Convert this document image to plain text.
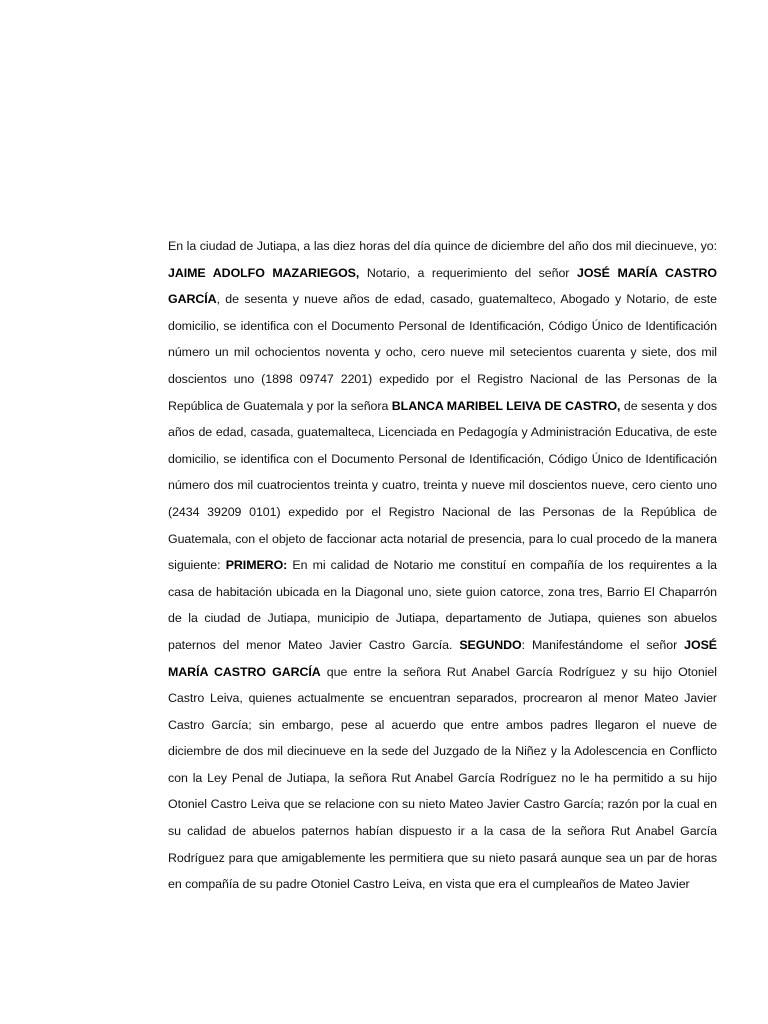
En la ciudad de Jutiapa, a las diez horas del día quince de diciembre del año dos mil diecinueve, yo: JAIME ADOLFO MAZARIEGOS, Notario, a requerimiento del señor JOSÉ MARÍA CASTRO GARCÍA, de sesenta y nueve años de edad, casado, guatemalteco, Abogado y Notario, de este domicilio, se identifica con el Documento Personal de Identificación, Código Único de Identificación número un mil ochocientos noventa y ocho, cero nueve mil setecientos cuarenta y siete, dos mil doscientos uno (1898 09747 2201) expedido por el Registro Nacional de las Personas de la República de Guatemala y por la señora BLANCA MARIBEL LEIVA DE CASTRO, de sesenta y dos años de edad, casada, guatemalteca, Licenciada en Pedagogía y Administración Educativa, de este domicilio, se identifica con el Documento Personal de Identificación, Código Único de Identificación número dos mil cuatrocientos treinta y cuatro, treinta y nueve mil doscientos nueve, cero ciento uno (2434 39209 0101) expedido por el Registro Nacional de las Personas de la República de Guatemala, con el objeto de faccionar acta notarial de presencia, para lo cual procedo de la manera siguiente: PRIMERO: En mi calidad de Notario me constituí en compañía de los requirentes a la casa de habitación ubicada en la Diagonal uno, siete guion catorce, zona tres, Barrio El Chaparrón de la ciudad de Jutiapa, municipio de Jutiapa, departamento de Jutiapa, quienes son abuelos paternos del menor Mateo Javier Castro García. SEGUNDO: Manifestándome el señor JOSÉ MARÍA CASTRO GARCÍA que entre la señora Rut Anabel García Rodríguez y su hijo Otoniel Castro Leiva, quienes actualmente se encuentran separados, procrearon al menor Mateo Javier Castro García; sin embargo, pese al acuerdo que entre ambos padres llegaron el nueve de diciembre de dos mil diecinueve en la sede del Juzgado de la Niñez y la Adolescencia en Conflicto con la Ley Penal de Jutiapa, la señora Rut Anabel García Rodríguez no le ha permitido a su hijo Otoniel Castro Leiva que se relacione con su nieto Mateo Javier Castro García; razón por la cual en su calidad de abuelos paternos habían dispuesto ir a la casa de la señora Rut Anabel García Rodríguez para que amigablemente les permitiera que su nieto pasará aunque sea un par de horas en compañía de su padre Otoniel Castro Leiva, en vista que era el cumpleaños de Mateo Javier
